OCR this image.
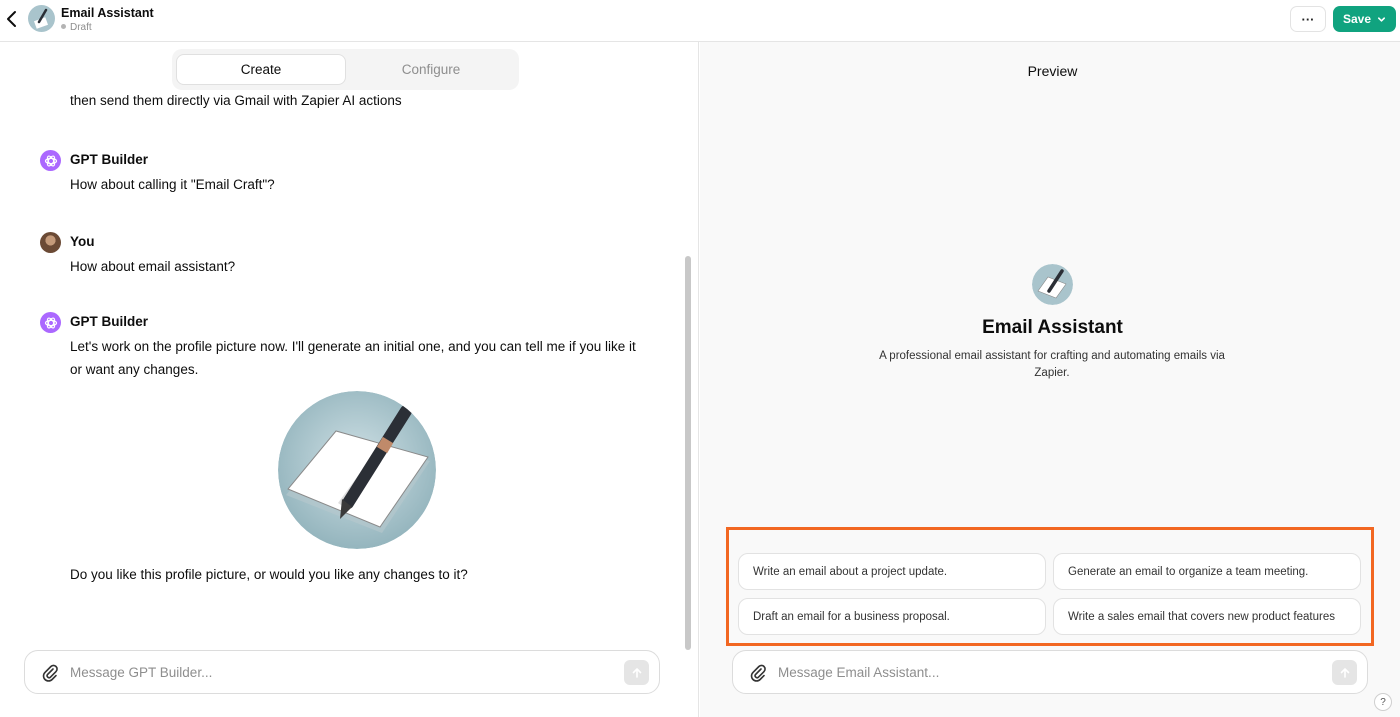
Email Assistant
Draft
···	Save
then send them directly via Gmail with Zapier AI actions
Create	Configure
GPT Builder
How about calling it "Email Craft"?
You
How about email assistant?
GPT Builder
Let's work on the profile picture now. I'll generate an initial one, and you can tell me if you like it or want any changes.
Do you like this profile picture, or would you like any changes to it?
Message GPT Builder...
Preview
Email Assistant
A professional email assistant for crafting and automating emails via Zapier.
Write an email about a project update.	Generate an email to organize a team meeting.
Draft an email for a business proposal.	Write a sales email that covers new product features
Message Email Assistant...
?
